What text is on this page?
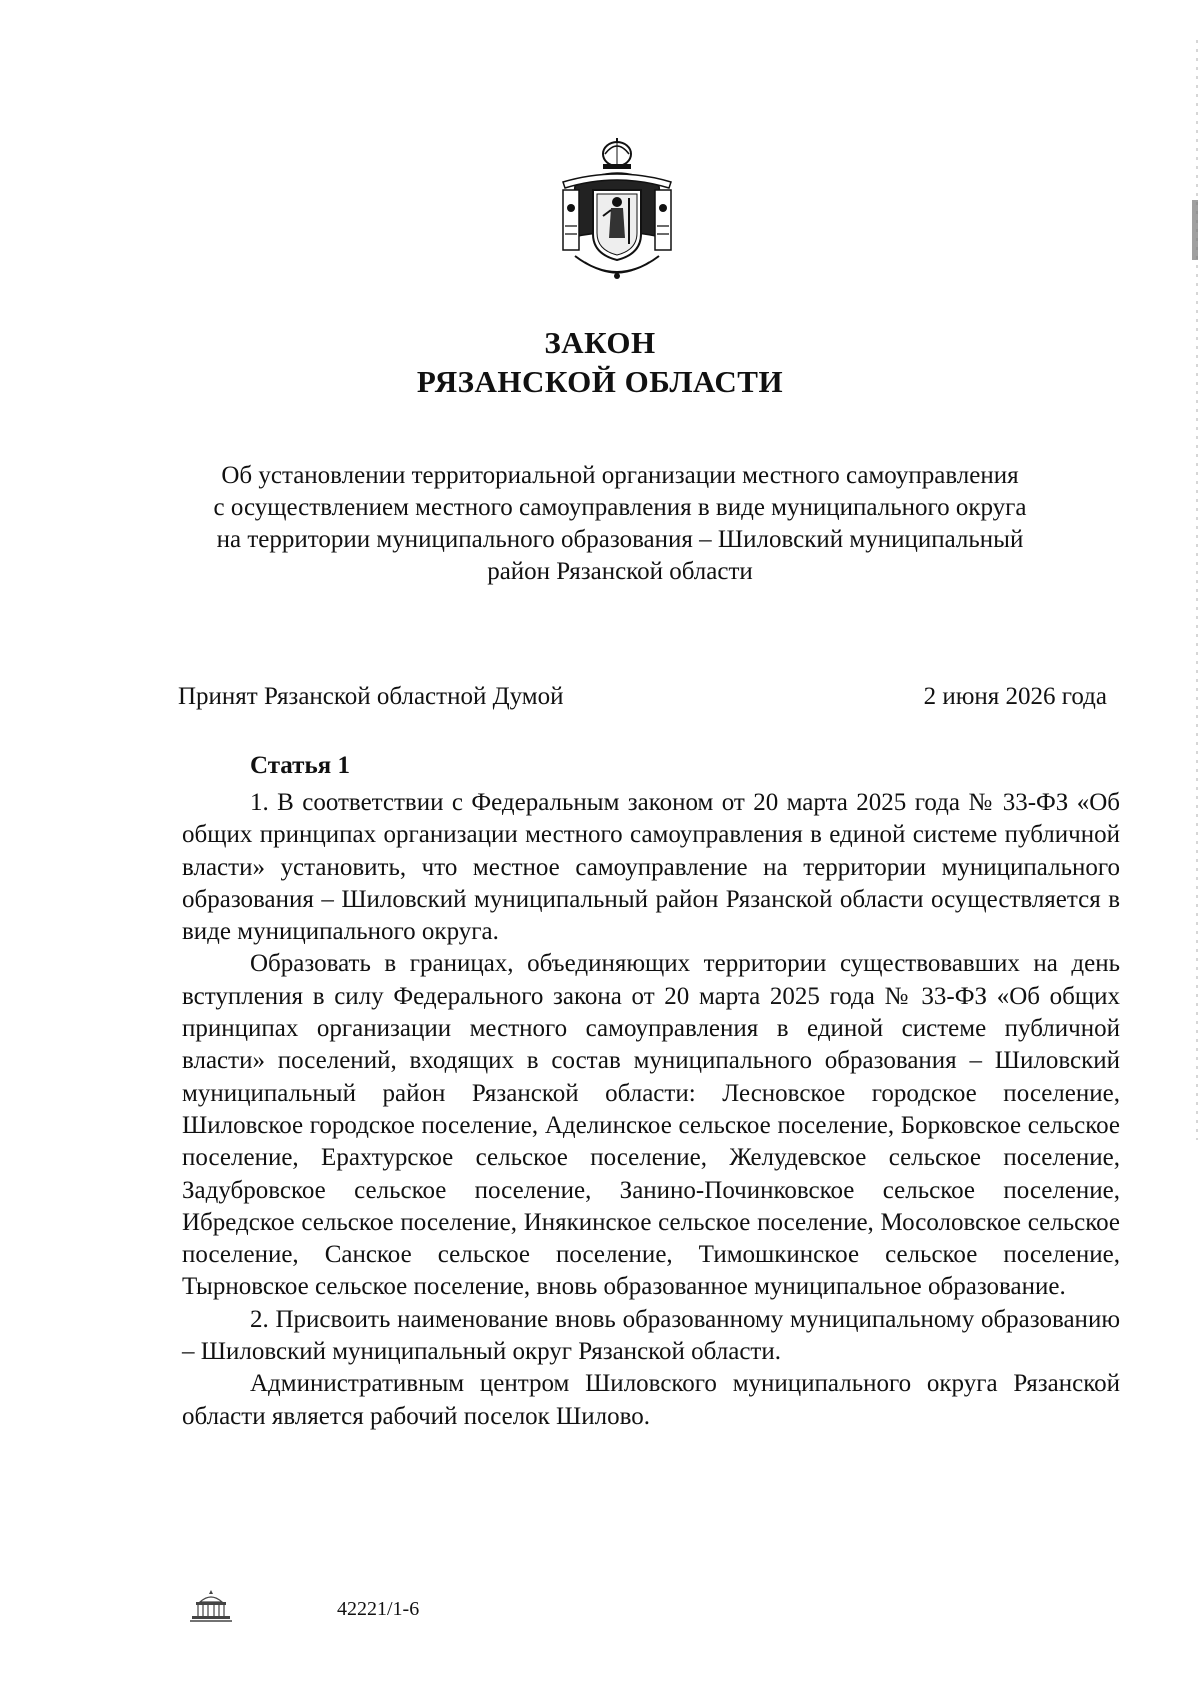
ЗАКОН
РЯЗАНСКОЙ ОБЛАСТИ
Об установлении территориальной организации местного самоуправления
с осуществлением местного самоуправления в виде муниципального округа
на территории муниципального образования – Шиловский муниципальный
район Рязанской области
Принят Рязанской областной Думой	2 июня 2026 года
Статья 1

1. В соответствии с Федеральным законом от 20 марта 2025 года № 33-ФЗ «Об общих принципах организации местного самоуправления в единой системе публичной власти» установить, что местное самоуправление на территории муниципального образования – Шиловский муниципальный район Рязанской области осуществляется в виде муниципального округа.

Образовать в границах, объединяющих территории существовавших на день вступления в силу Федерального закона от 20 марта 2025 года № 33-ФЗ «Об общих принципах организации местного самоуправления в единой системе публичной власти» поселений, входящих в состав муниципального образования – Шиловский муниципальный район Рязанской области: Лесновское городское поселение, Шиловское городское поселение, Аделинское сельское поселение, Борковское сельское поселение, Ерахтурское сельское поселение, Желудевское сельское поселение, Задубровское сельское поселение, Занино-Починковское сельское поселение, Ибредское сельское поселение, Инякинское сельское поселение, Мосоловское сельское поселение, Санское сельское поселение, Тимошкинское сельское поселение, Тырновское сельское поселение, вновь образованное муниципальное образование.

2. Присвоить наименование вновь образованному муниципальному образованию – Шиловский муниципальный округ Рязанской области.

Административным центром Шиловского муниципального округа Рязанской области является рабочий поселок Шилово.

42221/1-6
